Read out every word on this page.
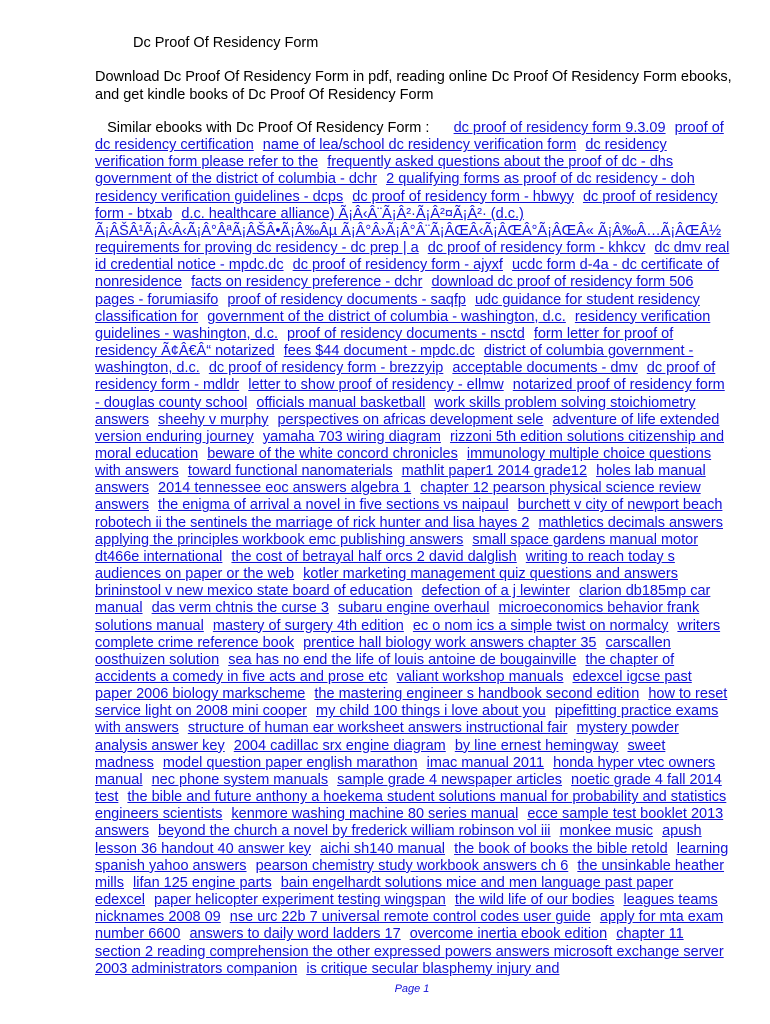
Dc Proof Of Residency Form
Download Dc Proof Of Residency Form in pdf, reading online Dc Proof Of Residency Form ebooks, and get kindle books of Dc Proof Of Residency Form
Similar ebooks with Dc Proof Of Residency Form : dc proof of residency form 9.3.09 proof of dc residency certification name of lea/school dc residency verification form dc residency verification form please refer to the frequently asked questions about the proof of dc - dhs government of the district of columbia - dchr 2 qualifying forms as proof of dc residency - doh residency verification guidelines - dcps dc proof of residency form - hbwyy dc proof of residency form - btxab d.c. healthcare alliance) Ã¡Â‹Â¨Ã¡Â²·Ã¡Â²¤Ã¡Â²· (d.c.) Ã¡ÂŠÂ¹Ã¡Â‹Â‹Ã¡Â°ÂªÃ¡ÂŠÂ•Ã¡Â‰Âµ Ã¡Â°Â›Ã¡Â°Â¨Ã¡ÂŒÂ‹Ã¡ÂŒÂ°Ã¡ÂŒÂ« Ã¡Â‰Â…Ã¡ÂŒÂ½ requirements for proving dc residency - dc prep | a dc proof of residency form - khkcv dc dmv real id credential notice - mpdc.dc dc proof of residency form - ajyxf ucdc form d-4a - dc certificate of nonresidence facts on residency preference - dchr download dc proof of residency form 506 pages - forumiasifo proof of residency documents - saqfp udc guidance for student residency classification for government of the district of columbia - washington, d.c. residency verification guidelines - washington, d.c. proof of residency documents - nsctd form letter for proof of residency Ã¢Â€Â“ notarized fees $44 document - mpdc.dc district of columbia government - washington, d.c. dc proof of residency form - brezzyip acceptable documents - dmv dc proof of residency form - mdldr letter to show proof of residency - ellmw notarized proof of residency form - douglas county school officials manual basketball work skills problem solving stoichiometry answers sheehy v murphy perspectives on africas development sele adventure of life extended version enduring journey yamaha 703 wiring diagram rizzoni 5th edition solutions citizenship and moral education beware of the white concord chronicles immunology multiple choice questions with answers toward functional nanomaterials mathlit paper1 2014 grade12 holes lab manual answers 2014 tennessee eoc answers algebra 1 chapter 12 pearson physical science review answers the enigma of arrival a novel in five sections vs naipaul burchett v city of newport beach robotech ii the sentinels the marriage of rick hunter and lisa hayes 2 mathletics decimals answers applying the principles workbook emc publishing answers small space gardens manual motor dt466e international the cost of betrayal half orcs 2 david dalglish writing to reach today s audiences on paper or the web kotler marketing management quiz questions and answers brininstool v new mexico state board of education defection of a j lewinter clarion db185mp car manual das verm chtnis the curse 3 subaru engine overhaul microeconomics behavior frank solutions manual mastery of surgery 4th edition ec o nom ics a simple twist on normalcy writers complete crime reference book prentice hall biology work answers chapter 35 carscallen oosthuizen solution sea has no end the life of louis antoine de bougainville the chapter of accidents a comedy in five acts and prose etc valiant workshop manuals edexcel igcse past paper 2006 biology markscheme the mastering engineer s handbook second edition how to reset service light on 2008 mini cooper my child 100 things i love about you pipefitting practice exams with answers structure of human ear worksheet answers instructional fair mystery powder analysis answer key 2004 cadillac srx engine diagram by line ernest hemingway sweet madness model question paper english marathon imac manual 2011 honda hyper vtec owners manual nec phone system manuals sample grade 4 newspaper articles noetic grade 4 fall 2014 test the bible and future anthony a hoekema student solutions manual for probability and statistics engineers scientists kenmore washing machine 80 series manual ecce sample test booklet 2013 answers beyond the church a novel by frederick william robinson vol iii monkee music apush lesson 36 handout 40 answer key aichi sh140 manual the book of books the bible retold learning spanish yahoo answers pearson chemistry study workbook answers ch 6 the unsinkable heather mills lifan 125 engine parts bain engelhardt solutions mice and men language past paper edexcel paper helicopter experiment testing wingspan the wild life of our bodies leagues teams nicknames 2008 09 nse urc 22b 7 universal remote control codes user guide apply for mta exam number 6600 answers to daily word ladders 17 overcome inertia ebook edition chapter 11 section 2 reading comprehension the other expressed powers answers microsoft exchange server 2003 administrators companion is critique secular blasphemy injury and
Page 1
